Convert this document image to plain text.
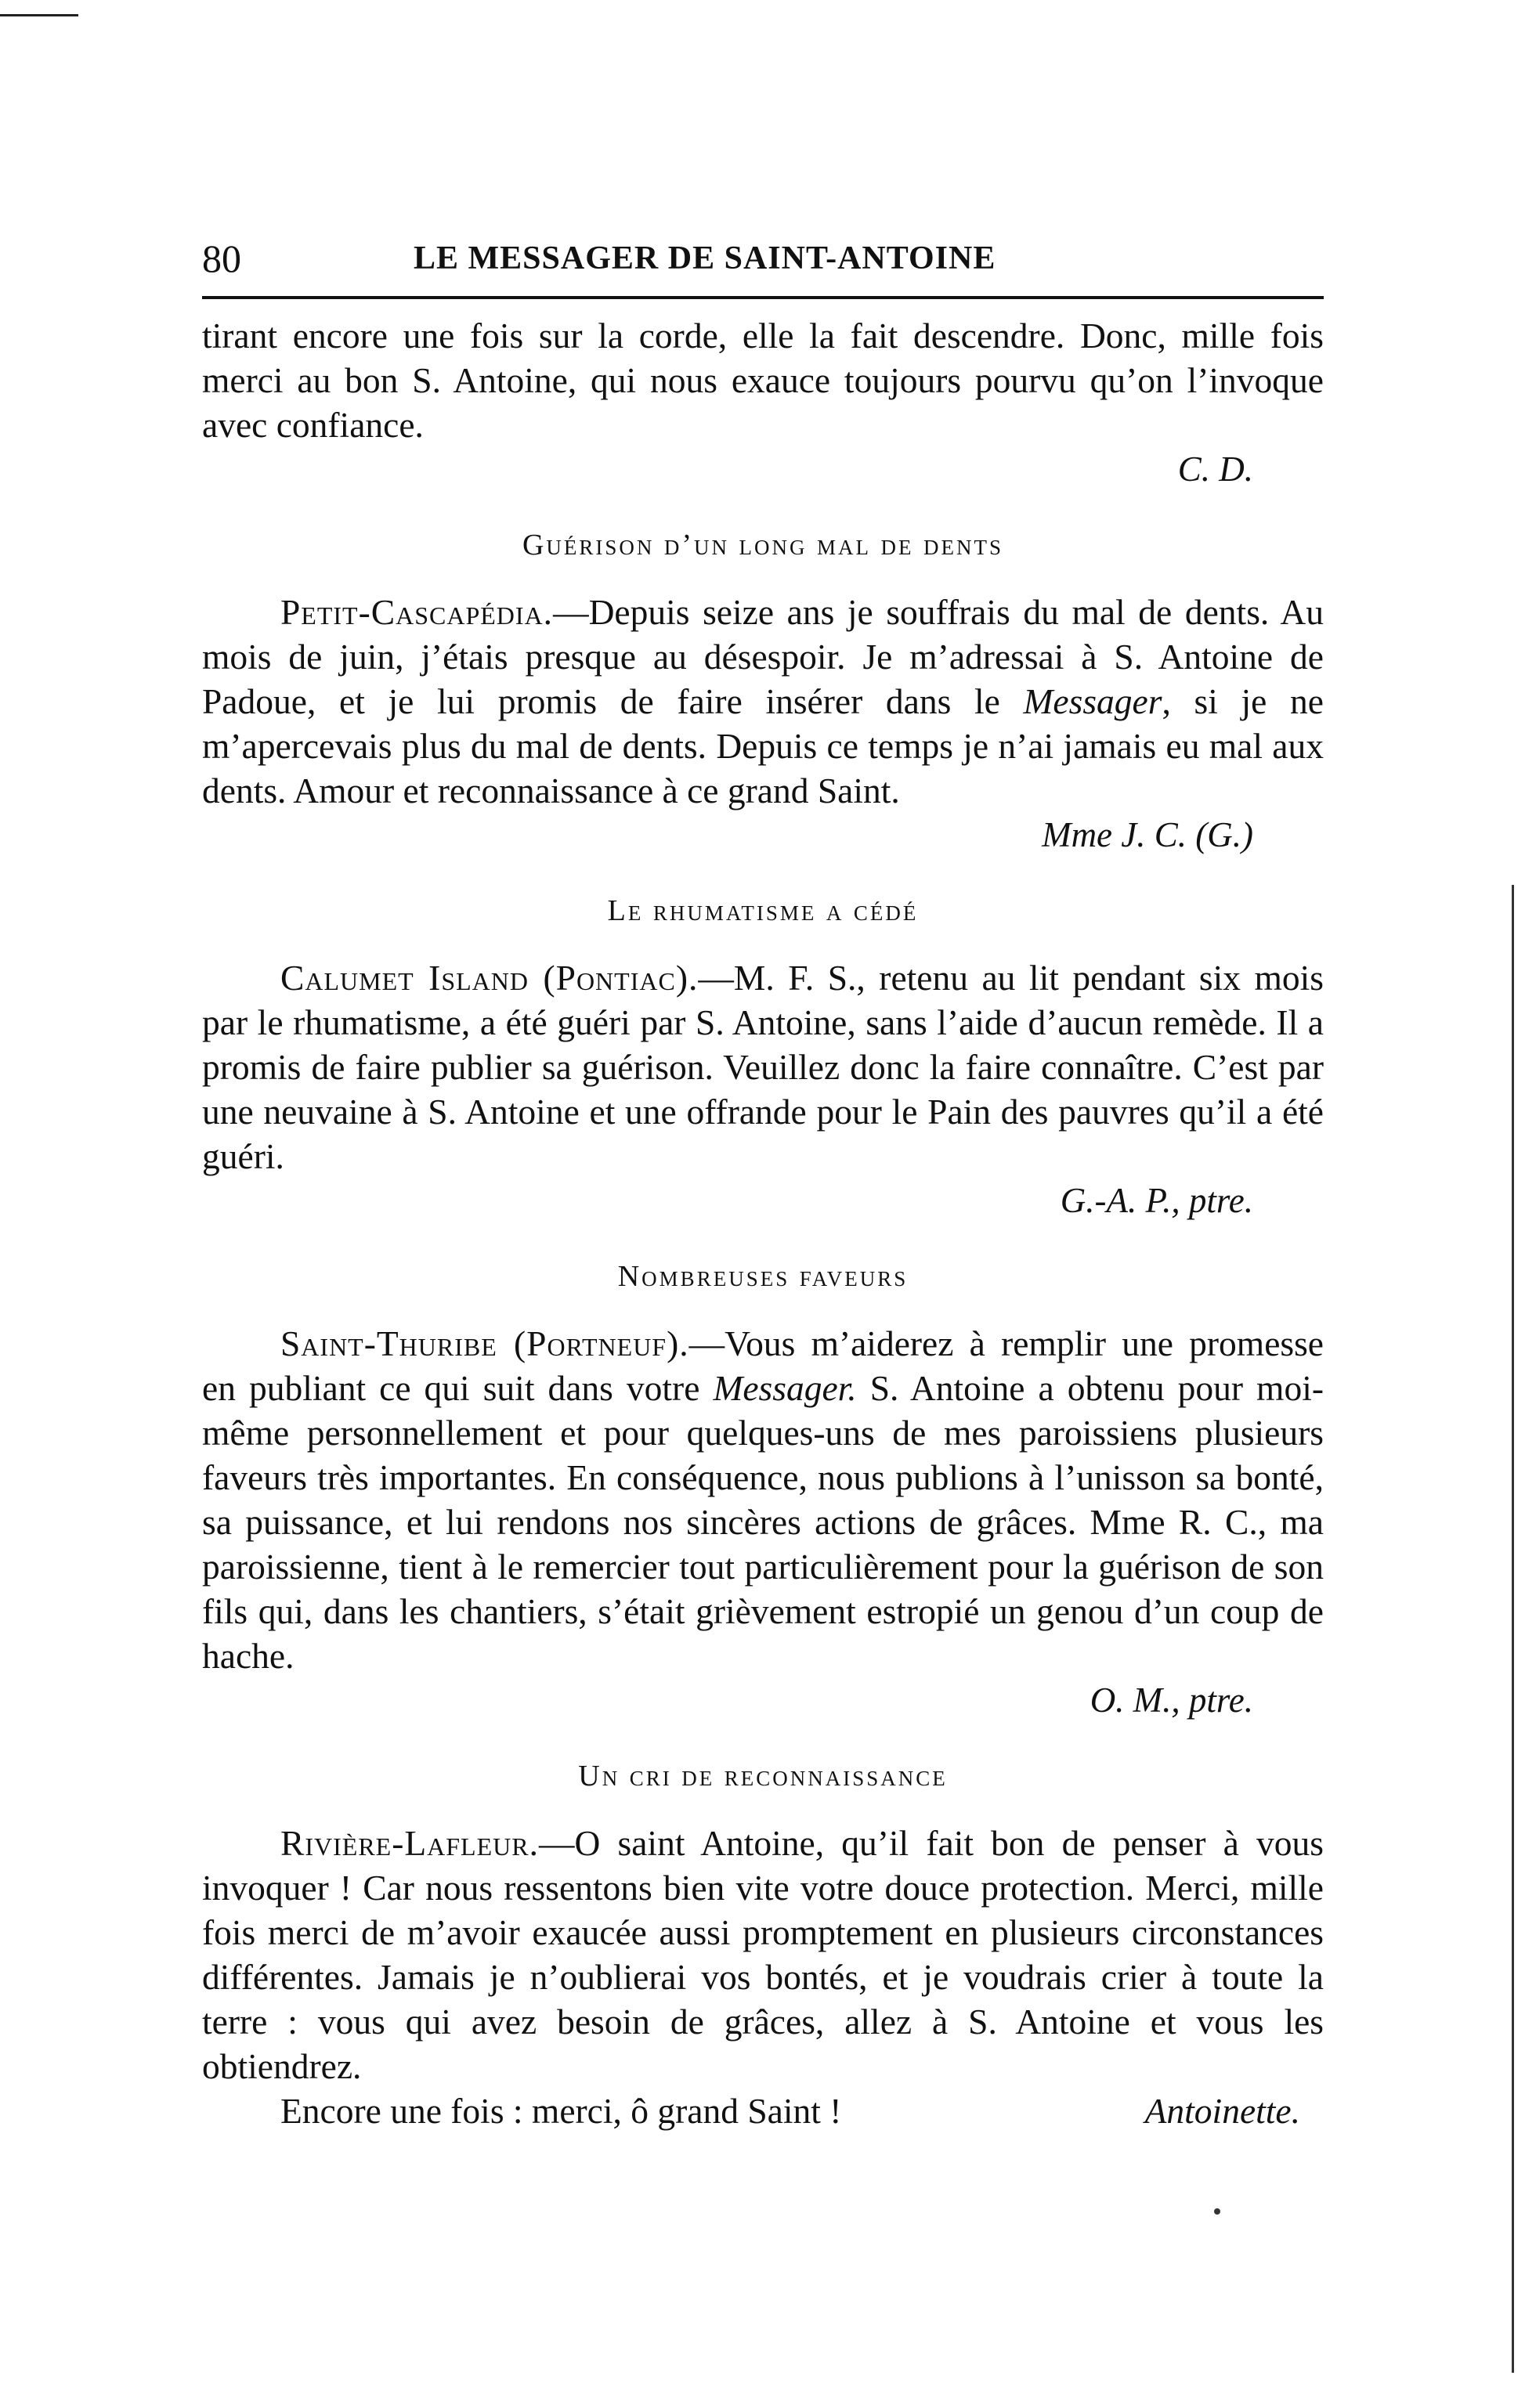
80	LE MESSAGER DE SAINT-ANTOINE

tirant encore une fois sur la corde, elle la fait descendre. Donc, mille fois merci au bon S. Antoine, qui nous exauce toujours pourvu qu’on l’invoque avec confiance.

C. D.
Guérison d’un long mal de dents

Petit-Cascapédia.—Depuis seize ans je souffrais du mal de dents. Au mois de juin, j’étais presque au désespoir. Je m’adressai à S. Antoine de Padoue, et je lui promis de faire insérer dans le Messager, si je ne m’apercevais plus du mal de dents. Depuis ce temps je n’ai jamais eu mal aux dents. Amour et reconnaissance à ce grand Saint.

Mme J. C. (G.)
Le rhumatisme a cédé

Calumet Island (Pontiac).—M. F. S., retenu au lit pendant six mois par le rhumatisme, a été guéri par S. Antoine, sans l’aide d’aucun remède. Il a promis de faire publier sa guérison. Veuillez donc la faire connaître. C’est par une neuvaine à S. Antoine et une offrande pour le Pain des pauvres qu’il a été guéri.

G.-A. P., ptre.
Nombreuses faveurs

Saint-Thuribe (Portneuf).—Vous m’aiderez à remplir une promesse en publiant ce qui suit dans votre Messager. S. Antoine a obtenu pour moi-même personnellement et pour quelques-uns de mes paroissiens plusieurs faveurs très importantes. En conséquence, nous publions à l’unisson sa bonté, sa puissance, et lui rendons nos sincères actions de grâces. Mme R. C., ma paroissienne, tient à le remercier tout particulièrement pour la guérison de son fils qui, dans les chantiers, s’était grièvement estropié un genou d’un coup de hache.

O. M., ptre.
Un cri de reconnaissance

Rivière-Lafleur.—O saint Antoine, qu’il fait bon de penser à vous invoquer ! Car nous ressentons bien vite votre douce protection. Merci, mille fois merci de m’avoir exaucée aussi promptement en plusieurs circonstances différentes. Jamais je n’oublierai vos bontés, et je voudrais crier à toute la terre : vous qui avez besoin de grâces, allez à S. Antoine et vous les obtiendrez.

Encore une fois : merci, ô grand Saint !	Antoinette.
